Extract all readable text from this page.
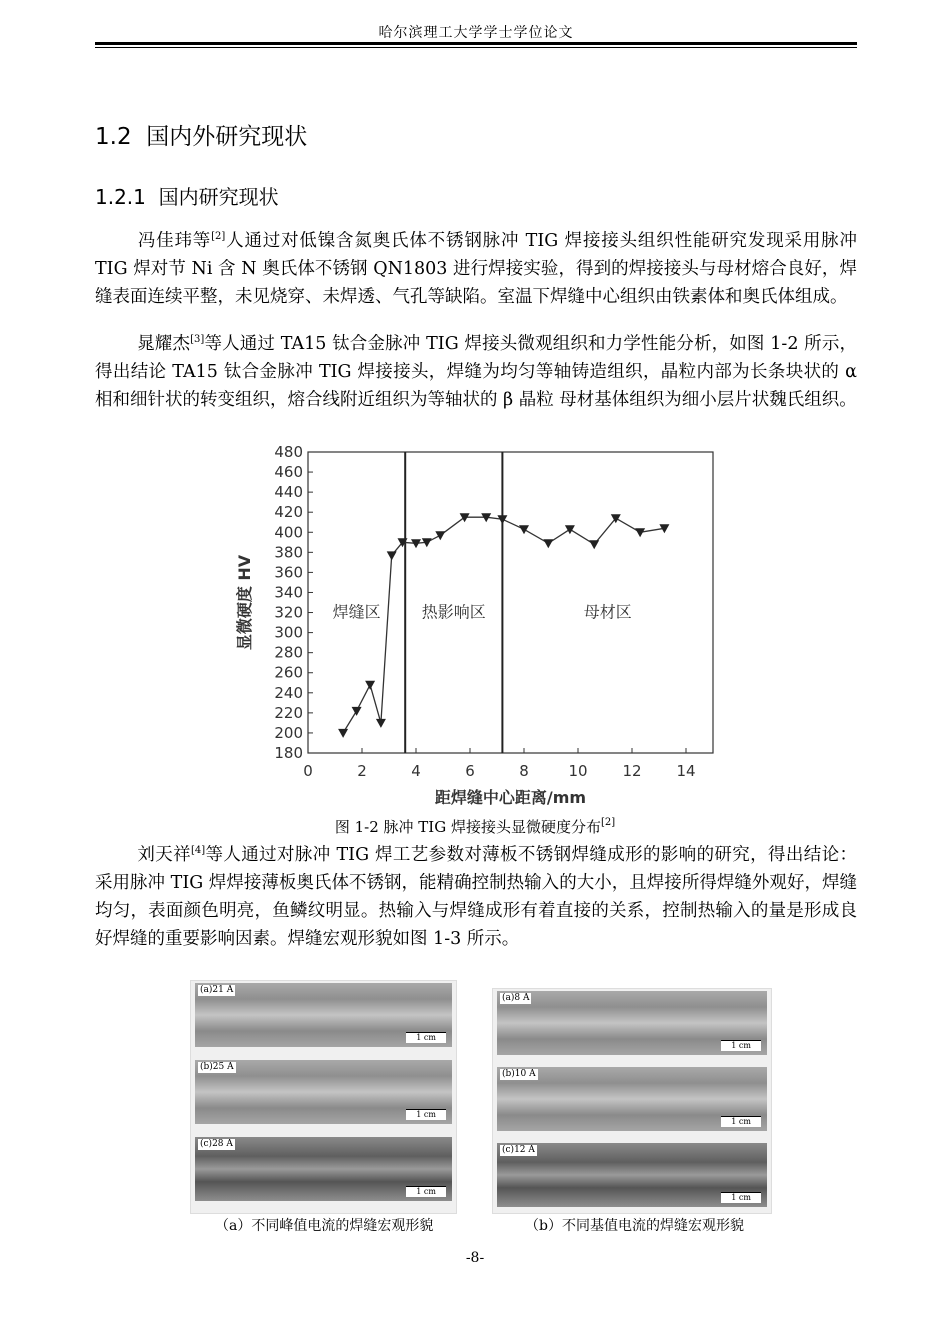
哈尔滨理工大学学士学位论文
1.2 国内外研究现状
1.2.1 国内研究现状

冯佳玮等[2]人通过对低镍含氮奥氏体不锈钢脉冲 TIG 焊接接头组织性能研究发现采用脉冲 TIG 焊对节 Ni 含 N 奥氏体不锈钢 QN1803 进行焊接实验，得到的焊接接头与母材熔合良好，焊缝表面连续平整，未见烧穿、未焊透、气孔等缺陷。室温下焊缝中心组织由铁素体和奥氏体组成。

晁耀杰[3]等人通过 TA15 钛合金脉冲 TIG 焊接头微观组织和力学性能分析，如图 1-2 所示，得出结论 TA15 钛合金脉冲 TIG 焊接接头，焊缝为均匀等轴铸造组织，晶粒内部为长条块状的 α 相和细针状的转变组织，熔合线附近组织为等轴状的 β 晶粒 母材基体组织为细小层片状魏氏组织。

180
200
220
240
260
280
300
320
340
360
380
400
420
440
460
480
0	2	4	6	8	10 12 14
焊缝区	热影响区	母材区
距焊缝中心距离/mm
显微硬度 HV
图 1-2 脉冲 TIG 焊接接头显微硬度分布[2]

刘天祥[4]等人通过对脉冲 TIG 焊工艺参数对薄板不锈钢焊缝成形的影响的研究，得出结论：采用脉冲 TIG 焊焊接薄板奥氏体不锈钢，能精确控制热输入的大小，且焊接所得焊缝外观好，焊缝均匀，表面颜色明亮，鱼鳞纹明显。热输入与焊缝成形有着直接的关系，控制热输入的量是形成良好焊缝的重要影响因素。焊缝宏观形貌如图 1-3 所示。

(a)21 A
1 cm
(b)25 A
1 cm
(c)28 A
1 cm
(a)8 A
1 cm
(b)10 A
1 cm
(c)12 A
1 cm
（a）不同峰值电流的焊缝宏观形貌	（b）不同基值电流的焊缝宏观形貌
-8-
